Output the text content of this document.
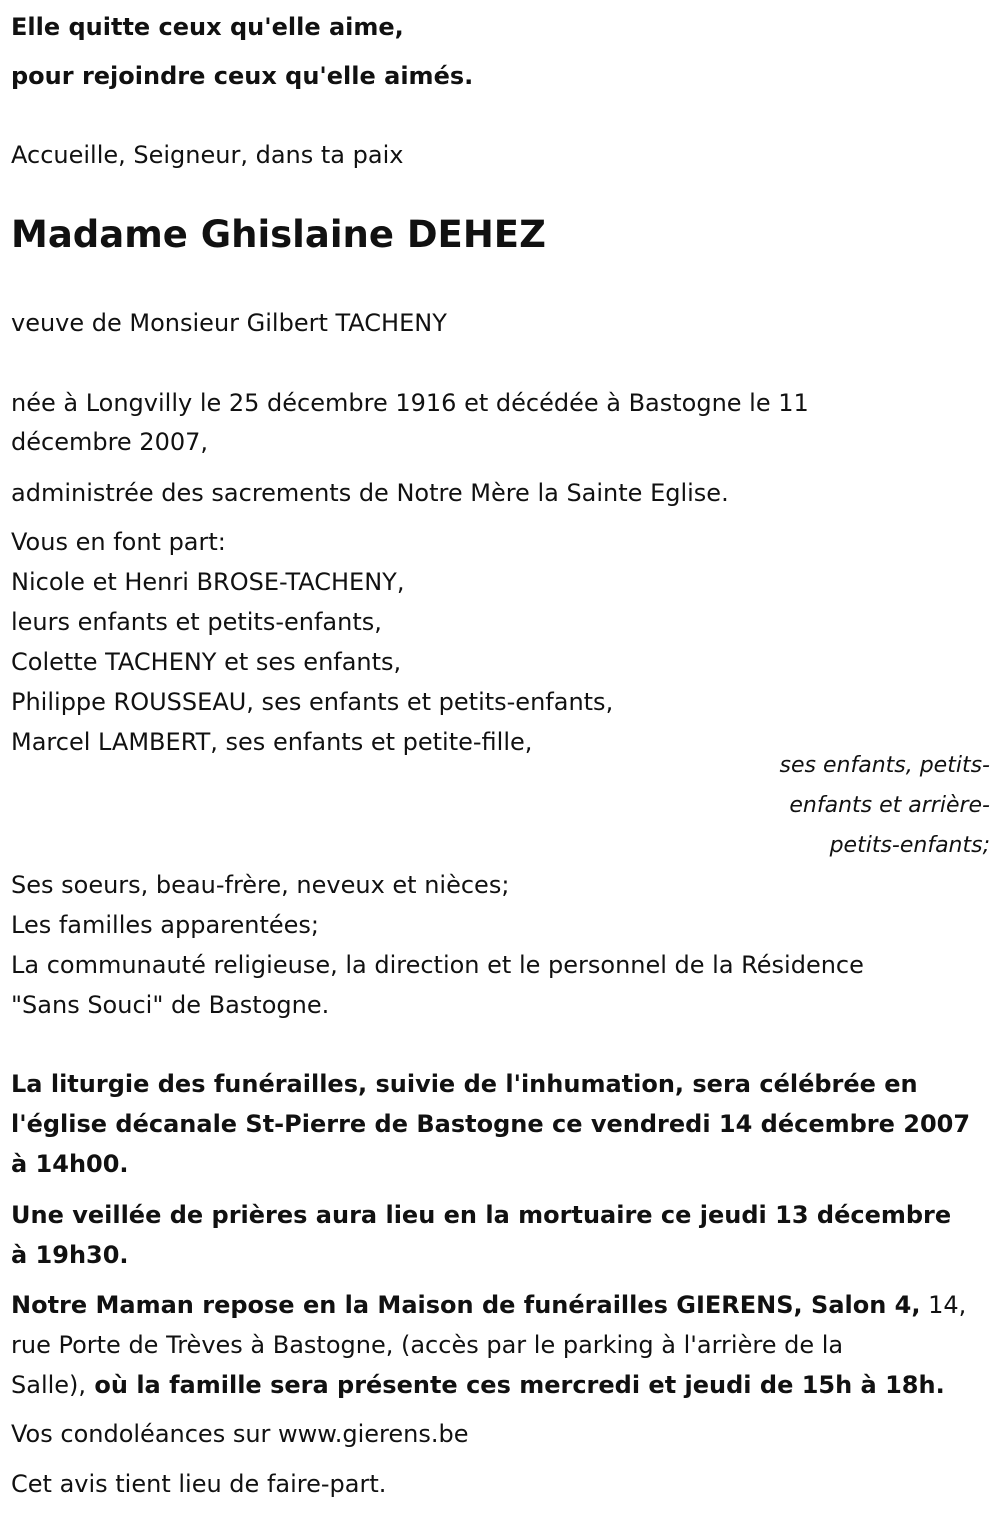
Elle quitte ceux qu'elle aime,
pour rejoindre ceux qu'elle aimés.
Accueille, Seigneur, dans ta paix
Madame Ghislaine DEHEZ
veuve de Monsieur Gilbert TACHENY
née à Longvilly le 25 décembre 1916 et décédée à Bastogne le 11
décembre 2007,
administrée des sacrements de Notre Mère la Sainte Eglise.
Vous en font part:
Nicole et Henri BROSE-TACHENY,
leurs enfants et petits-enfants,
Colette TACHENY et ses enfants,
Philippe ROUSSEAU, ses enfants et petits-enfants,
Marcel LAMBERT, ses enfants et petite-fille,
ses enfants, petits-
enfants et arrière-
petits-enfants;
Ses soeurs, beau-frère, neveux et nièces;
Les familles apparentées;
La communauté religieuse, la direction et le personnel de la Résidence
"Sans Souci" de Bastogne.
La liturgie des funérailles, suivie de l'inhumation, sera célébrée en
l'église décanale St-Pierre de Bastogne ce vendredi 14 décembre 2007
à 14h00.
Une veillée de prières aura lieu en la mortuaire ce jeudi 13 décembre
à 19h30.
Notre Maman repose en la Maison de funérailles GIERENS, Salon 4, 14,
rue Porte de Trèves à Bastogne, (accès par le parking à l'arrière de la
Salle), où la famille sera présente ces mercredi et jeudi de 15h à 18h.
Vos condoléances sur www.gierens.be
Cet avis tient lieu de faire-part.
